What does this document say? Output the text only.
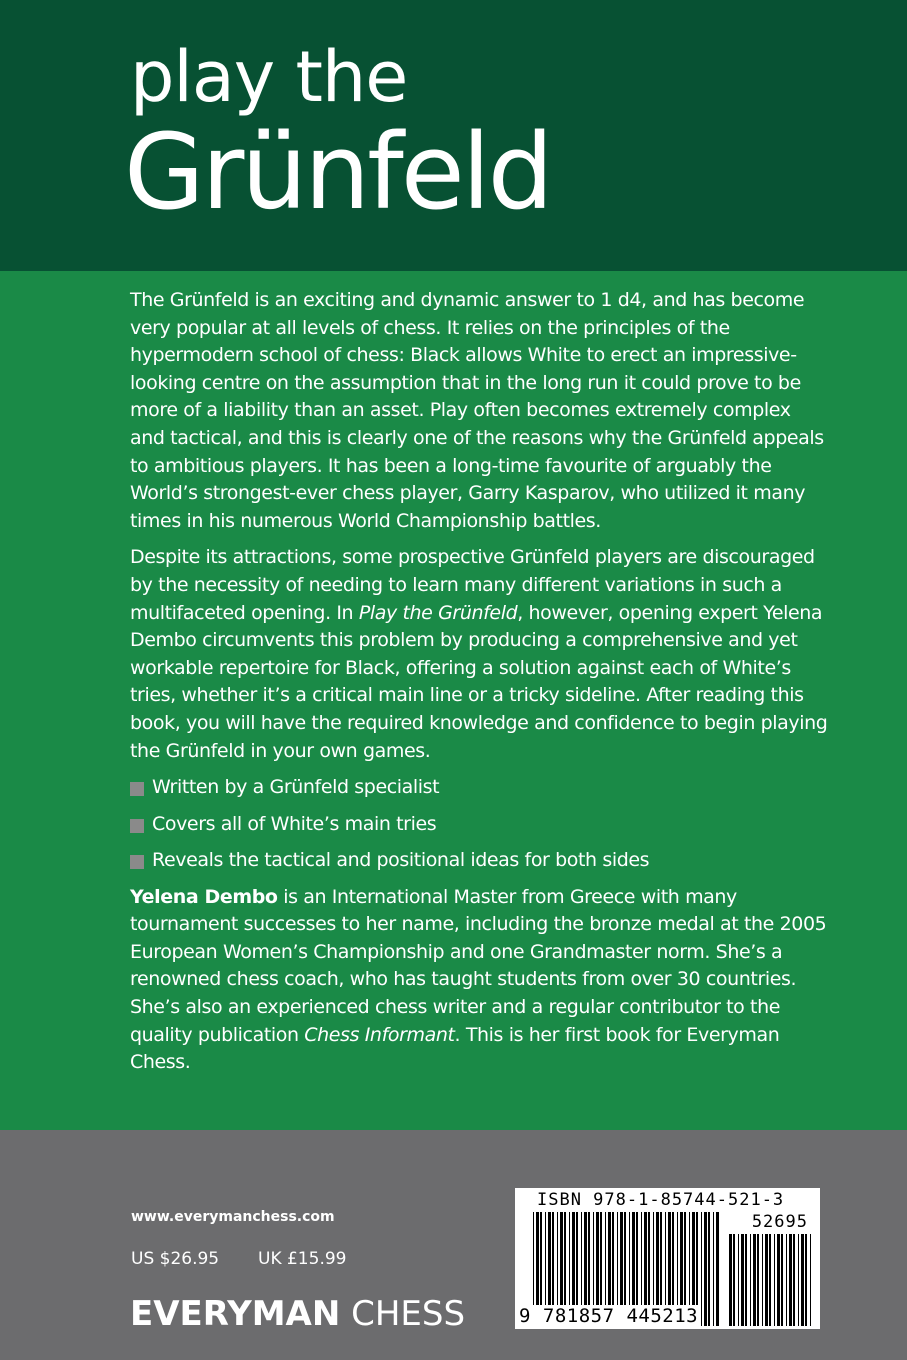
play the
Grünfeld

The Grünfeld is an exciting and dynamic answer to 1 d4, and has become very popular at all levels of chess. It relies on the principles of the hypermodern school of chess: Black allows White to erect an impressive-looking centre on the assumption that in the long run it could prove to be more of a liability than an asset. Play often becomes extremely complex and tactical, and this is clearly one of the reasons why the Grünfeld appeals to ambitious players. It has been a long-time favourite of arguably the World’s strongest-ever chess player, Garry Kasparov, who utilized it many times in his numerous World Championship battles.

Despite its attractions, some prospective Grünfeld players are discouraged by the necessity of needing to learn many different variations in such a multifaceted opening. In Play the Grünfeld, however, opening expert Yelena Dembo circumvents this problem by producing a comprehensive and yet workable repertoire for Black, offering a solution against each of White’s tries, whether it’s a critical main line or a tricky sideline. After reading this book, you will have the required knowledge and confidence to begin playing the Grünfeld in your own games.

Written by a Grünfeld specialist
Covers all of White’s main tries
Reveals the tactical and positional ideas for both sides

Yelena Dembo is an International Master from Greece with many tournament successes to her name, including the bronze medal at the 2005 European Women’s Championship and one Grandmaster norm. She’s a renowned chess coach, who has taught students from over 30 countries. She’s also an experienced chess writer and a regular contributor to the quality publication Chess Informant. This is her first book for Everyman Chess.

www.everymanchess.com
US $26.95 UK £15.99
EVERYMAN CHESS
ISBN 978-1-85744-521-3
52695
9 781857 445213
